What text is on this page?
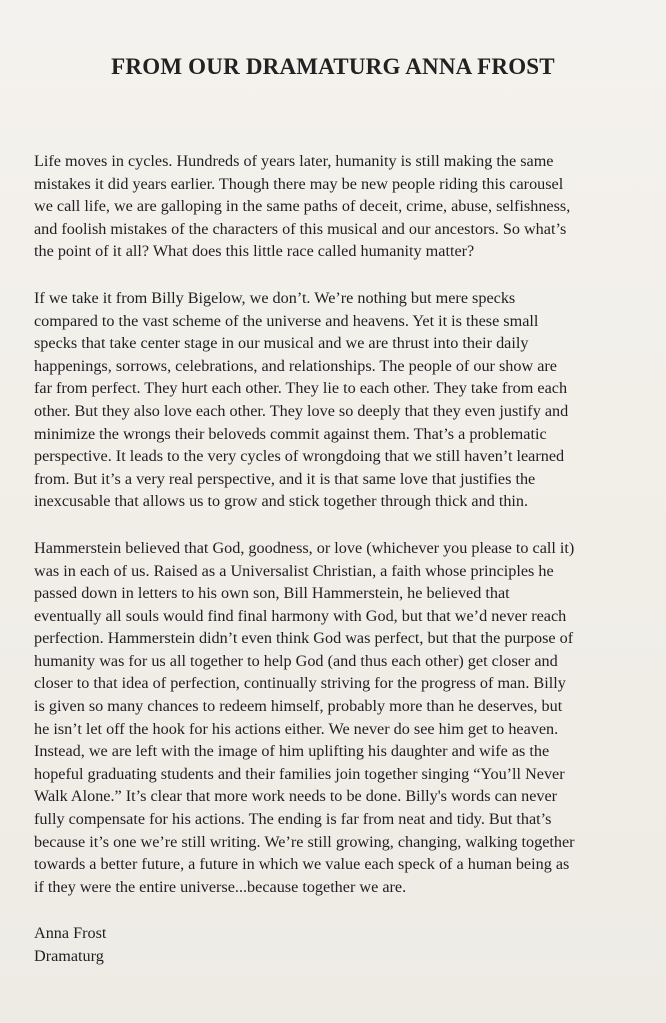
FROM OUR DRAMATURG ANNA FROST

Life moves in cycles. Hundreds of years later, humanity is still making the same
mistakes it did years earlier. Though there may be new people riding this carousel
we call life, we are galloping in the same paths of deceit, crime, abuse, selfishness,
and foolish mistakes of the characters of this musical and our ancestors. So what’s
the point of it all? What does this little race called humanity matter?

If we take it from Billy Bigelow, we don’t. We’re nothing but mere specks
compared to the vast scheme of the universe and heavens. Yet it is these small
specks that take center stage in our musical and we are thrust into their daily
happenings, sorrows, celebrations, and relationships. The people of our show are
far from perfect. They hurt each other. They lie to each other. They take from each
other. But they also love each other. They love so deeply that they even justify and
minimize the wrongs their beloveds commit against them. That’s a problematic
perspective. It leads to the very cycles of wrongdoing that we still haven’t learned
from. But it’s a very real perspective, and it is that same love that justifies the
inexcusable that allows us to grow and stick together through thick and thin.

Hammerstein believed that God, goodness, or love (whichever you please to call it)
was in each of us. Raised as a Universalist Christian, a faith whose principles he
passed down in letters to his own son, Bill Hammerstein, he believed that
eventually all souls would find final harmony with God, but that we’d never reach
perfection. Hammerstein didn’t even think God was perfect, but that the purpose of
humanity was for us all together to help God (and thus each other) get closer and
closer to that idea of perfection, continually striving for the progress of man. Billy
is given so many chances to redeem himself, probably more than he deserves, but
he isn’t let off the hook for his actions either. We never do see him get to heaven.
Instead, we are left with the image of him uplifting his daughter and wife as the
hopeful graduating students and their families join together singing “You’ll Never
Walk Alone.” It’s clear that more work needs to be done. Billy's words can never
fully compensate for his actions. The ending is far from neat and tidy. But that’s
because it’s one we’re still writing. We’re still growing, changing, walking together
towards a better future, a future in which we value each speck of a human being as
if they were the entire universe...because together we are.

Anna Frost
Dramaturg
